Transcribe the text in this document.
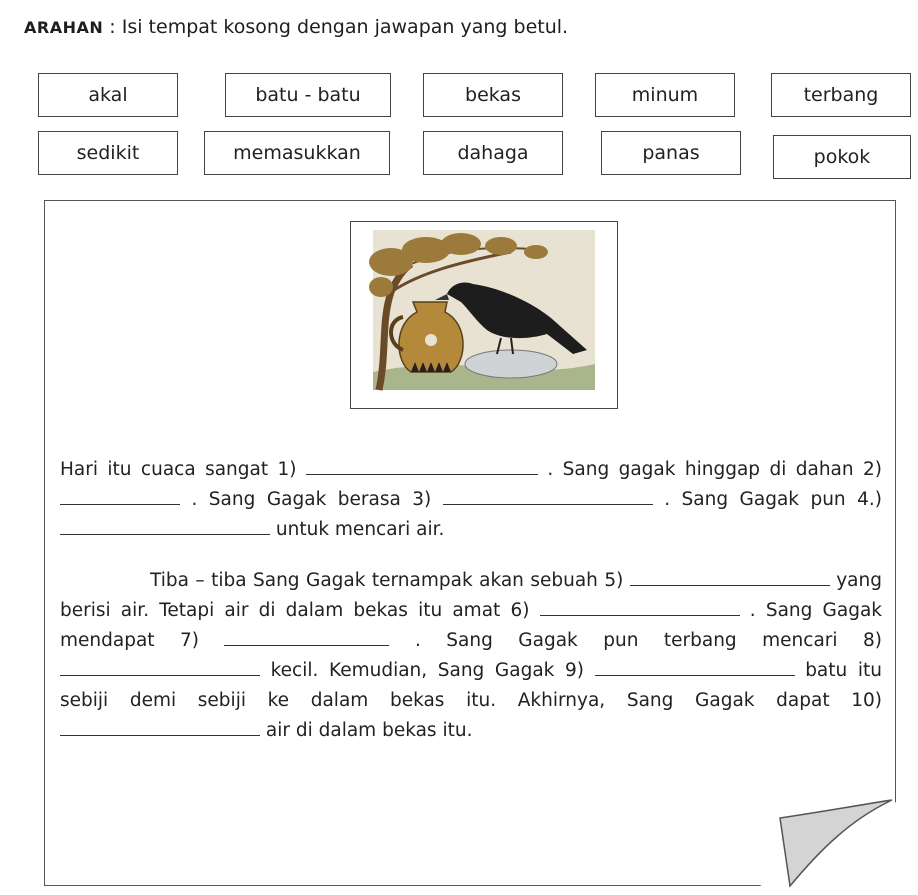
ARAHAN : Isi tempat kosong dengan jawapan yang betul.
akal	batu - batu	bekas	minum	terbang
sedikit	memasukkan	dahaga	panas	pokok
Hari itu cuaca sangat 1)	. Sang gagak hinggap di dahan 2)  . Sang Gagak berasa 3)	. Sang Gagak pun 4.)  untuk mencari air.
Tiba – tiba Sang Gagak ternampak akan sebuah 5)	yang berisi air. Tetapi air di dalam bekas itu amat 6)	. Sang Gagak mendapat 7)	. Sang Gagak pun terbang mencari 8)  kecil. Kemudian, Sang Gagak 9)	batu itu sebiji demi sebiji ke dalam bekas itu. Akhirnya, Sang Gagak dapat 10)  air di dalam bekas itu.
